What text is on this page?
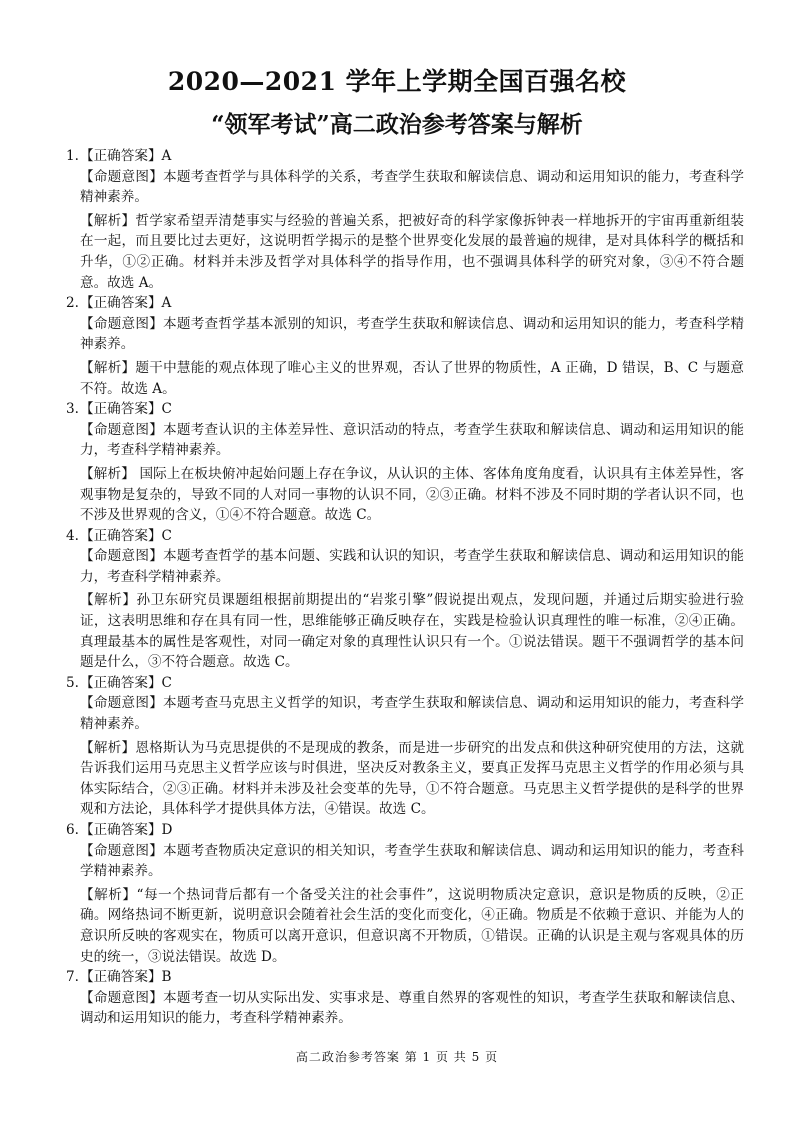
2020—2021 学年上学期全国百强名校
“领军考试”高二政治参考答案与解析

1.【正确答案】A

【命题意图】本题考查哲学与具体科学的关系，考查学生获取和解读信息、调动和运用知识的能力，考查科学精神素养。

【解析】哲学家希望弄清楚事实与经验的普遍关系，把被好奇的科学家像拆钟表一样地拆开的宇宙再重新组装在一起，而且要比过去更好，这说明哲学揭示的是整个世界变化发展的最普遍的规律，是对具体科学的概括和升华，①②正确。材料并未涉及哲学对具体科学的指导作用，也不强调具体科学的研究对象，③④不符合题意。故选 A。

2.【正确答案】A

【命题意图】本题考查哲学基本派别的知识，考查学生获取和解读信息、调动和运用知识的能力，考查科学精神素养。

【解析】题干中慧能的观点体现了唯心主义的世界观，否认了世界的物质性，A 正确，D 错误，B、C 与题意不符。故选 A。

3.【正确答案】C

【命题意图】本题考查认识的主体差异性、意识活动的特点，考查学生获取和解读信息、调动和运用知识的能力，考查科学精神素养。

【解析】 国际上在板块俯冲起始问题上存在争议，从认识的主体、客体角度角度看，认识具有主体差异性，客观事物是复杂的，导致不同的人对同一事物的认识不同，②③正确。材料不涉及不同时期的学者认识不同，也不涉及世界观的含义，①④不符合题意。故选 C。

4.【正确答案】C

【命题意图】本题考查哲学的基本问题、实践和认识的知识，考查学生获取和解读信息、调动和运用知识的能力，考查科学精神素养。

【解析】孙卫东研究员课题组根据前期提出的“岩浆引擎”假说提出观点，发现问题，并通过后期实验进行验证，这表明思维和存在具有同一性，思维能够正确反映存在，实践是检验认识真理性的唯一标准，②④正确。真理最基本的属性是客观性，对同一确定对象的真理性认识只有一个。①说法错误。题干不强调哲学的基本问题是什么，③不符合题意。故选 C。

5.【正确答案】C

【命题意图】本题考查马克思主义哲学的知识，考查学生获取和解读信息、调动和运用知识的能力，考查科学精神素养。

【解析】恩格斯认为马克思提供的不是现成的教条，而是进一步研究的出发点和供这种研究使用的方法，这就告诉我们运用马克思主义哲学应该与时俱进，坚决反对教条主义，要真正发挥马克思主义哲学的作用必须与具体实际结合，②③正确。材料并未涉及社会变革的先导，①不符合题意。马克思主义哲学提供的是科学的世界观和方法论，具体科学才提供具体方法，④错误。故选 C。

6.【正确答案】D

【命题意图】本题考查物质决定意识的相关知识，考查学生获取和解读信息、调动和运用知识的能力，考查科学精神素养。

【解析】“每一个热词背后都有一个备受关注的社会事件”，这说明物质决定意识，意识是物质的反映，②正确。网络热词不断更新，说明意识会随着社会生活的变化而变化，④正确。物质是不依赖于意识、并能为人的意识所反映的客观实在，物质可以离开意识，但意识离不开物质，①错误。正确的认识是主观与客观具体的历史的统一，③说法错误。故选 D。

7.【正确答案】B

【命题意图】本题考查一切从实际出发、实事求是、尊重自然界的客观性的知识，考查学生获取和解读信息、调动和运用知识的能力，考查科学精神素养。

高二政治参考答案 第 1 页 共 5 页
